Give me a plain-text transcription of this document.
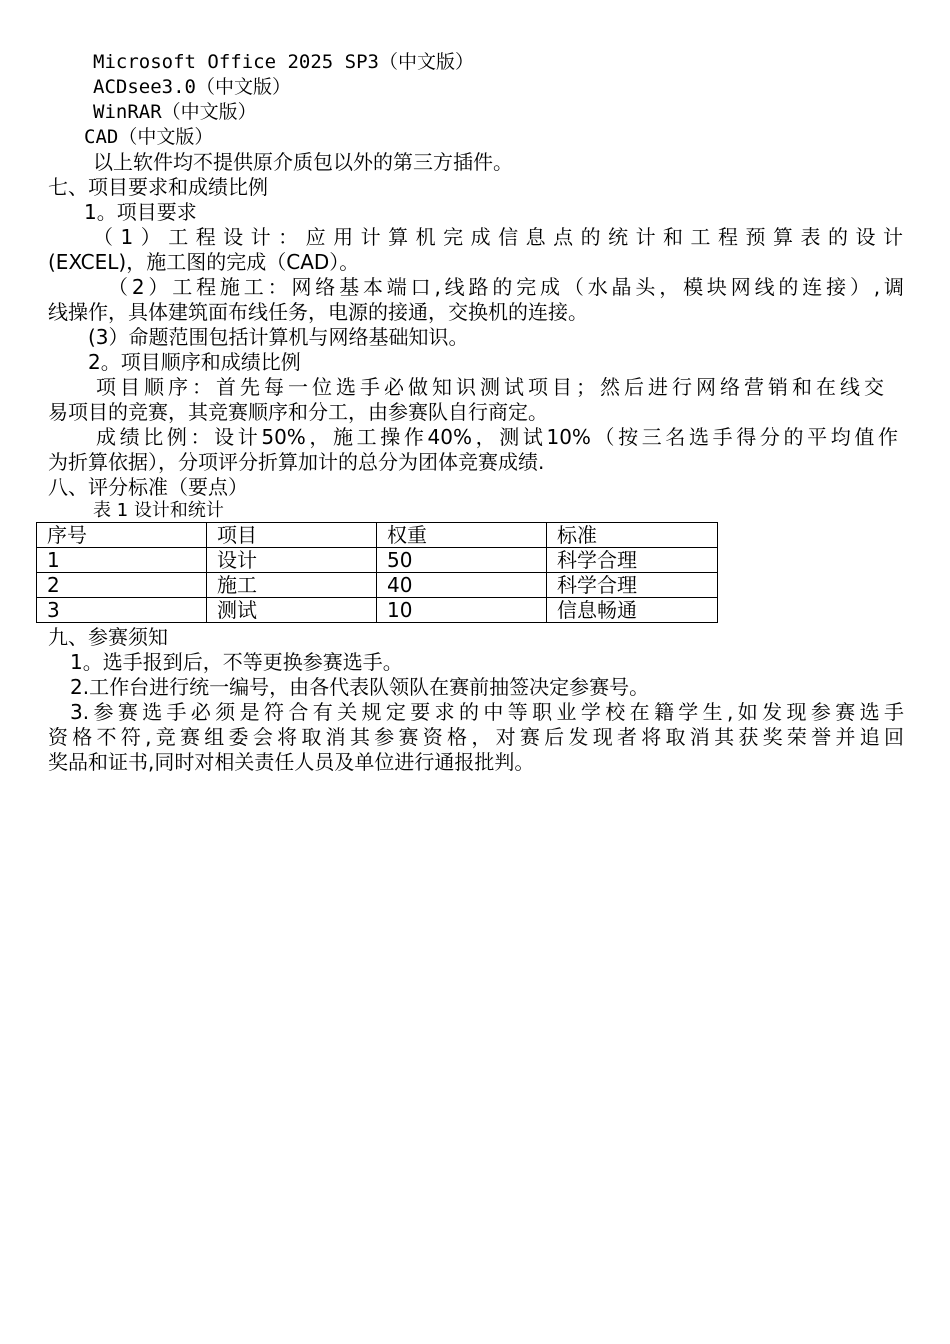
Microsoft Office 2025 SP3（中文版）
ACDsee3.0（中文版）
WinRAR（中文版）
CAD（中文版）
以上软件均不提供原介质包以外的第三方插件。
七、项目要求和成绩比例
1。项目要求
（1）工程设计：应用计算机完成信息点的统计和工程预算表的设计
(EXCEL)，施工图的完成（CAD）。
（2）工程施工：网络基本端口,线路的完成（水晶头，模块网线的连接）,调
线操作，具体建筑面布线任务，电源的接通，交换机的连接。
(3）命题范围包括计算机与网络基础知识。
2。项目顺序和成绩比例
项目顺序：首先每一位选手必做知识测试项目；然后进行网络营销和在线交
易项目的竞赛，其竞赛顺序和分工，由参赛队自行商定。
成绩比例：设计50%，施工操作40%，测试10%（按三名选手得分的平均值作
为折算依据），分项评分折算加计的总分为团体竞赛成绩.
八、评分标准（要点）
表 1 设计和统计
序号	项目	权重	标准
1	设计	50	科学合理
2	施工	40	科学合理
3	测试	10	信息畅通
九、参赛须知
1。选手报到后，不等更换参赛选手。
2.工作台进行统一编号，由各代表队领队在赛前抽签决定参赛号。
3.参赛选手必须是符合有关规定要求的中等职业学校在籍学生,如发现参赛选手
资格不符,竞赛组委会将取消其参赛资格，对赛后发现者将取消其获奖荣誉并追回
奖品和证书,同时对相关责任人员及单位进行通报批判。
